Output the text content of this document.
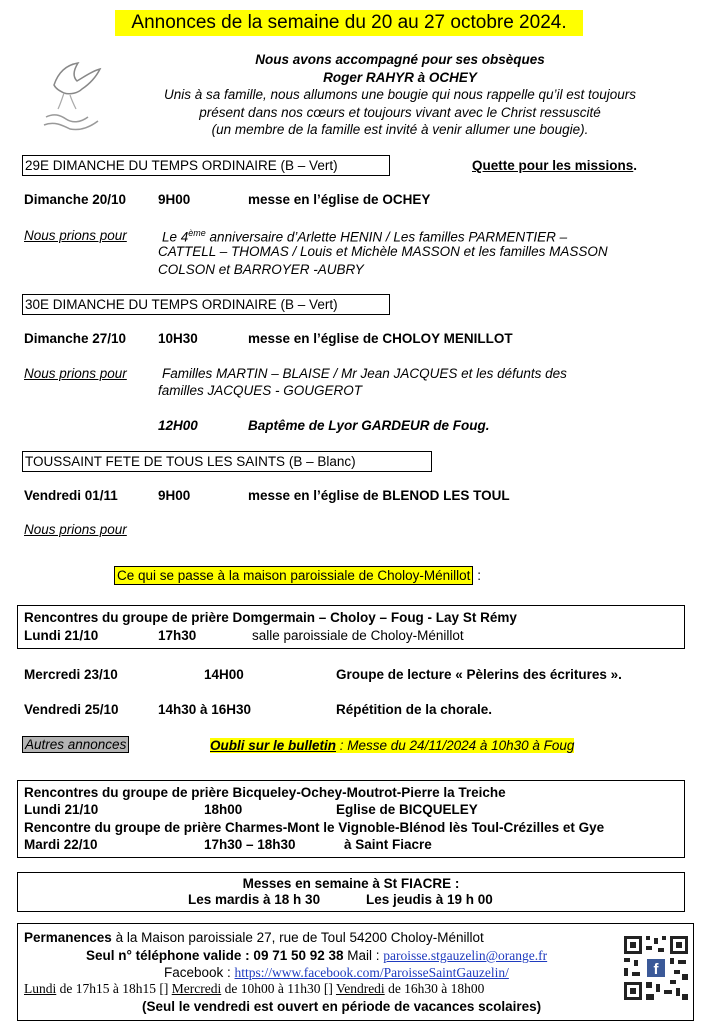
Annonces de la semaine du 20 au 27 octobre 2024.
Nous avons accompagné pour ses obsèques
Roger RAHYR à OCHEY
Unis à sa famille, nous allumons une bougie qui nous rappelle qu’il est toujours
présent dans nos cœurs et toujours vivant avec le Christ ressuscité
(un membre de la famille est invité à venir allumer une bougie).
29E DIMANCHE DU TEMPS ORDINAIRE (B – Vert)	Quette pour les missions.
Dimanche 20/10 9H00	messe en l’église de OCHEY
Nous prions pour	Le 4ème anniversaire d’Arlette HENIN / Les familles PARMENTIER –
CATTELL – THOMAS / Louis et Michèle MASSON et les familles MASSON
COLSON et BARROYER -AUBRY
30E DIMANCHE DU TEMPS ORDINAIRE (B – Vert)
Dimanche 27/10 10H30	messe en l’église de CHOLOY MENILLOT
Nous prions pour	Familles MARTIN – BLAISE / Mr Jean JACQUES et les défunts des
familles JACQUES - GOUGEROT
12H00	Baptême de Lyor GARDEUR de Foug.
TOUSSAINT FETE DE TOUS LES SAINTS (B – Blanc)
Vendredi 01/11	9H00	messe en l’église de BLENOD LES TOUL
Nous prions pour
Ce qui se passe à la maison paroissiale de Choloy-Ménillot :
Rencontres du groupe de prière Domgermain – Choloy – Foug - Lay St Rémy
Lundi 21/10	17h30	salle paroissiale de Choloy-Ménillot
Mercredi 23/10	14H00	Groupe de lecture « Pèlerins des écritures ».
Vendredi 25/10	14h30 à 16H30	Répétition de la chorale.
Autres annonces	Oubli sur le bulletin : Messe du 24/11/2024 à 10h30 à Foug
Rencontres du groupe de prière Bicqueley-Ochey-Moutrot-Pierre la Treiche
Lundi 21/10	18h00	Eglise de BICQUELEY
Rencontre du groupe de prière Charmes-Mont le Vignoble-Blénod lès Toul-Crézilles et Gye
Mardi 22/10	17h30 – 18h30	à Saint Fiacre
Messes en semaine à St FIACRE :
Les mardis à 18 h 30	Les jeudis à 19 h 00
Permanences à la Maison paroissiale 27, rue de Toul 54200 Choloy-Ménillot
Seul n° téléphone valide : 09 71 50 92 38 Mail : paroisse.stgauzelin@orange.fr
Facebook : https://www.facebook.com/ParoisseSaintGauzelin/
Lundi de 17h15 à 18h15 [] Mercredi de 10h00 à 11h30 [] Vendredi de 16h30 à 18h00
(Seul le vendredi est ouvert en période de vacances scolaires)
f
